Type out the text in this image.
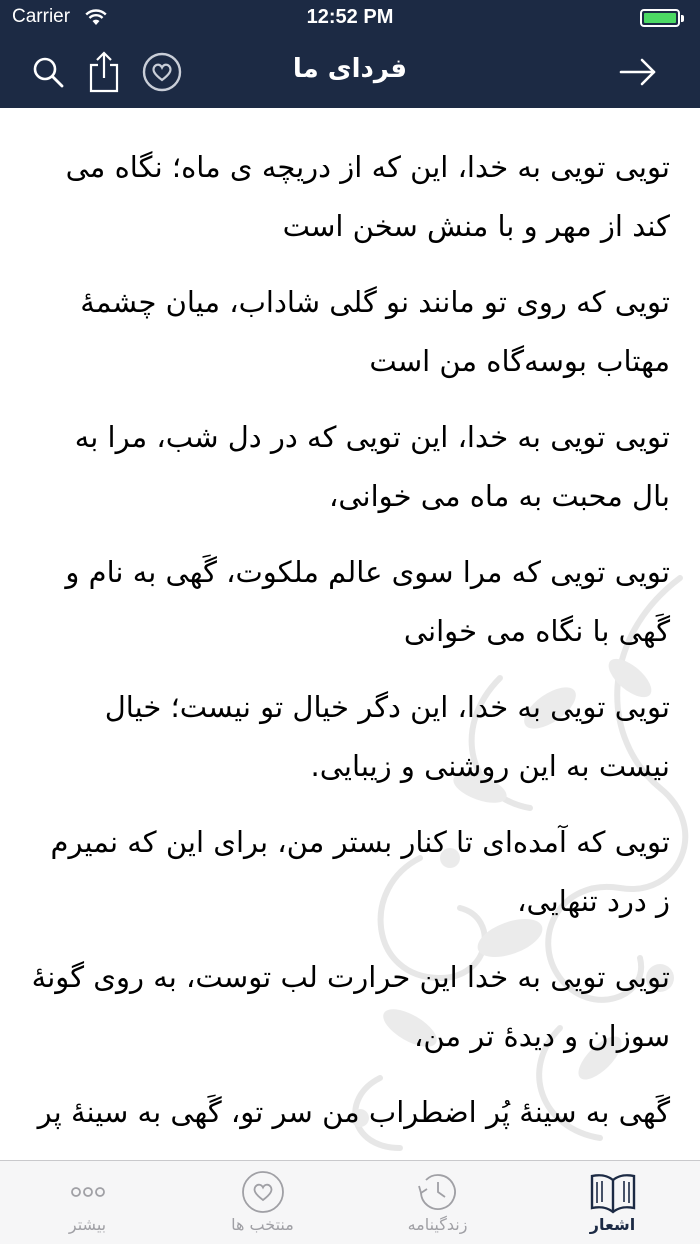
Carrier	12:52 PM
فردای ما

تویی تویی به خدا، این که از دریچه ی ماه؛ نگاه می کند از مهر و با منش سخن است

تویی که روی تو مانند نو گلی شاداب، میان چشمهٔ مهتاب بوسه‌گاه من است

تویی تویی به خدا، این تویی که در دل شب، مرا به بال محبت به ماه می خوانی،

تویی تویی که مرا سوی عالم ملکوت، گَهی به نام و گَهی با نگاه می خوانی

تویی تویی به خدا، این دگر خیال تو نیست؛ خیال نیست به این روشنی و زیبایی.

تویی که آمده‌ای تا کنار بستر من، برای این که نمیرم ز درد تنهایی،

تویی تویی به خدا این حرارت لب توست، به روی گونهٔ سوزان و دیدهٔ تر من،

گَهی به سینهٔ پُر اضطراب من سر تو، گَهی به سینهٔ پر

بیشتر	منتخب ها	زندگینامه	اشعار
